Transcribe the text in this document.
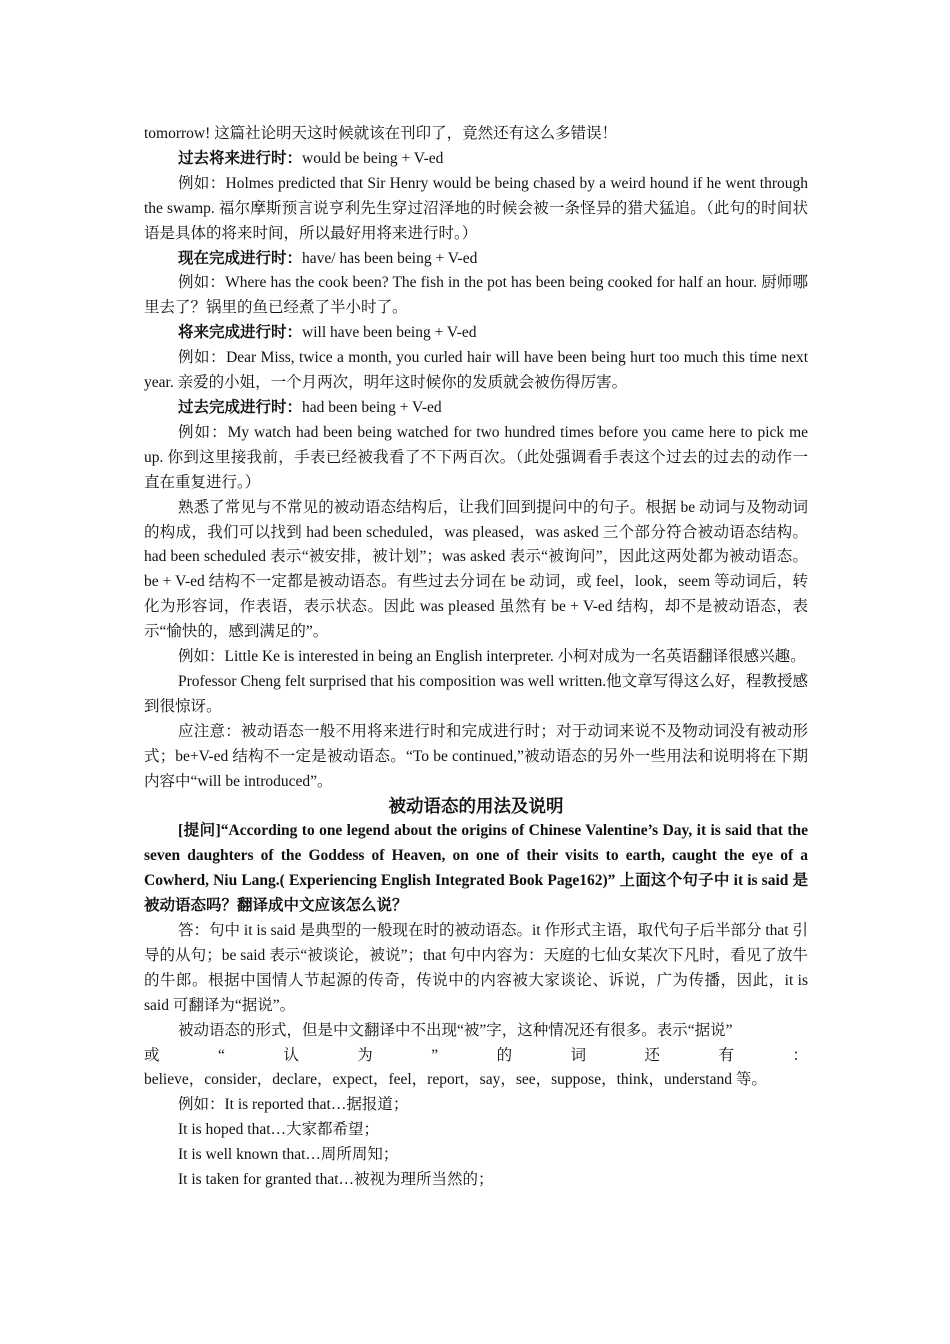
tomorrow! 这篇社论明天这时候就该在刊印了，竟然还有这么多错误！

过去将来进行时：would be being + V-ed

例如：Holmes predicted that Sir Henry would be being chased by a weird hound if he went through the swamp. 福尔摩斯预言说亨利先生穿过沼泽地的时候会被一条怪异的猎犬猛追。（此句的时间状语是具体的将来时间，所以最好用将来进行时。）

现在完成进行时：have/ has been being + V-ed

例如：Where has the cook been? The fish in the pot has been being cooked for half an hour. 厨师哪里去了？锅里的鱼已经煮了半小时了。

将来完成进行时：will have been being + V-ed

例如：Dear Miss, twice a month, you curled hair will have been being hurt too much this time next year. 亲爱的小姐，一个月两次，明年这时候你的发质就会被伤得厉害。

过去完成进行时：had been being + V-ed

例如：My watch had been being watched for two hundred times before you came here to pick me up. 你到这里接我前，手表已经被我看了不下两百次。（此处强调看手表这个过去的过去的动作一直在重复进行。）

熟悉了常见与不常见的被动语态结构后，让我们回到提问中的句子。根据 be 动词与及物动词的构成，我们可以找到 had been scheduled，was pleased，was asked 三个部分符合被动语态结构。had been scheduled 表示“被安排，被计划”；was asked 表示“被询问”，因此这两处都为被动语态。be + V-ed 结构不一定都是被动语态。有些过去分词在 be 动词，或 feel，look，seem 等动词后，转化为形容词，作表语，表示状态。因此 was pleased 虽然有 be + V-ed 结构，却不是被动语态，表示“愉快的，感到满足的”。

例如：Little Ke is interested in being an English interpreter. 小柯对成为一名英语翻译很感兴趣。

Professor Cheng felt surprised that his composition was well written.他文章写得这么好，程教授感到很惊讶。

应注意：被动语态一般不用将来进行时和完成进行时；对于动词来说不及物动词没有被动形式；be+V-ed 结构不一定是被动语态。“To be continued,”被动语态的另外一些用法和说明将在下期内容中“will be introduced”。

被动语态的用法及说明

[提问]“According to one legend about the origins of Chinese Valentine’s Day, it is said that the seven daughters of the Goddess of Heaven, on one of their visits to earth, caught the eye of a Cowherd, Niu Lang.( Experiencing English Integrated Book Page162)” 上面这个句子中 it is said 是被动语态吗？翻译成中文应该怎么说？

答：句中 it is said 是典型的一般现在时的被动语态。it 作形式主语，取代句子后半部分 that 引导的从句；be said 表示“被谈论，被说”；that 句中内容为：天庭的七仙女某次下凡时，看见了放牛的牛郎。根据中国情人节起源的传奇，传说中的内容被大家谈论、诉说，广为传播，因此，it is said 可翻译为“据说”。

被动语态的形式，但是中文翻译中不出现“被”字，这种情况还有很多。表示“据说”

或	“	认	为	”	的	词	还	有	：

believe，consider，declare，expect，feel，report，say，see，suppose，think，understand 等。

例如：It is reported that…据报道；

It is hoped that…大家都希望；

It is well known that…周所周知；

It is taken for granted that…被视为理所当然的；
